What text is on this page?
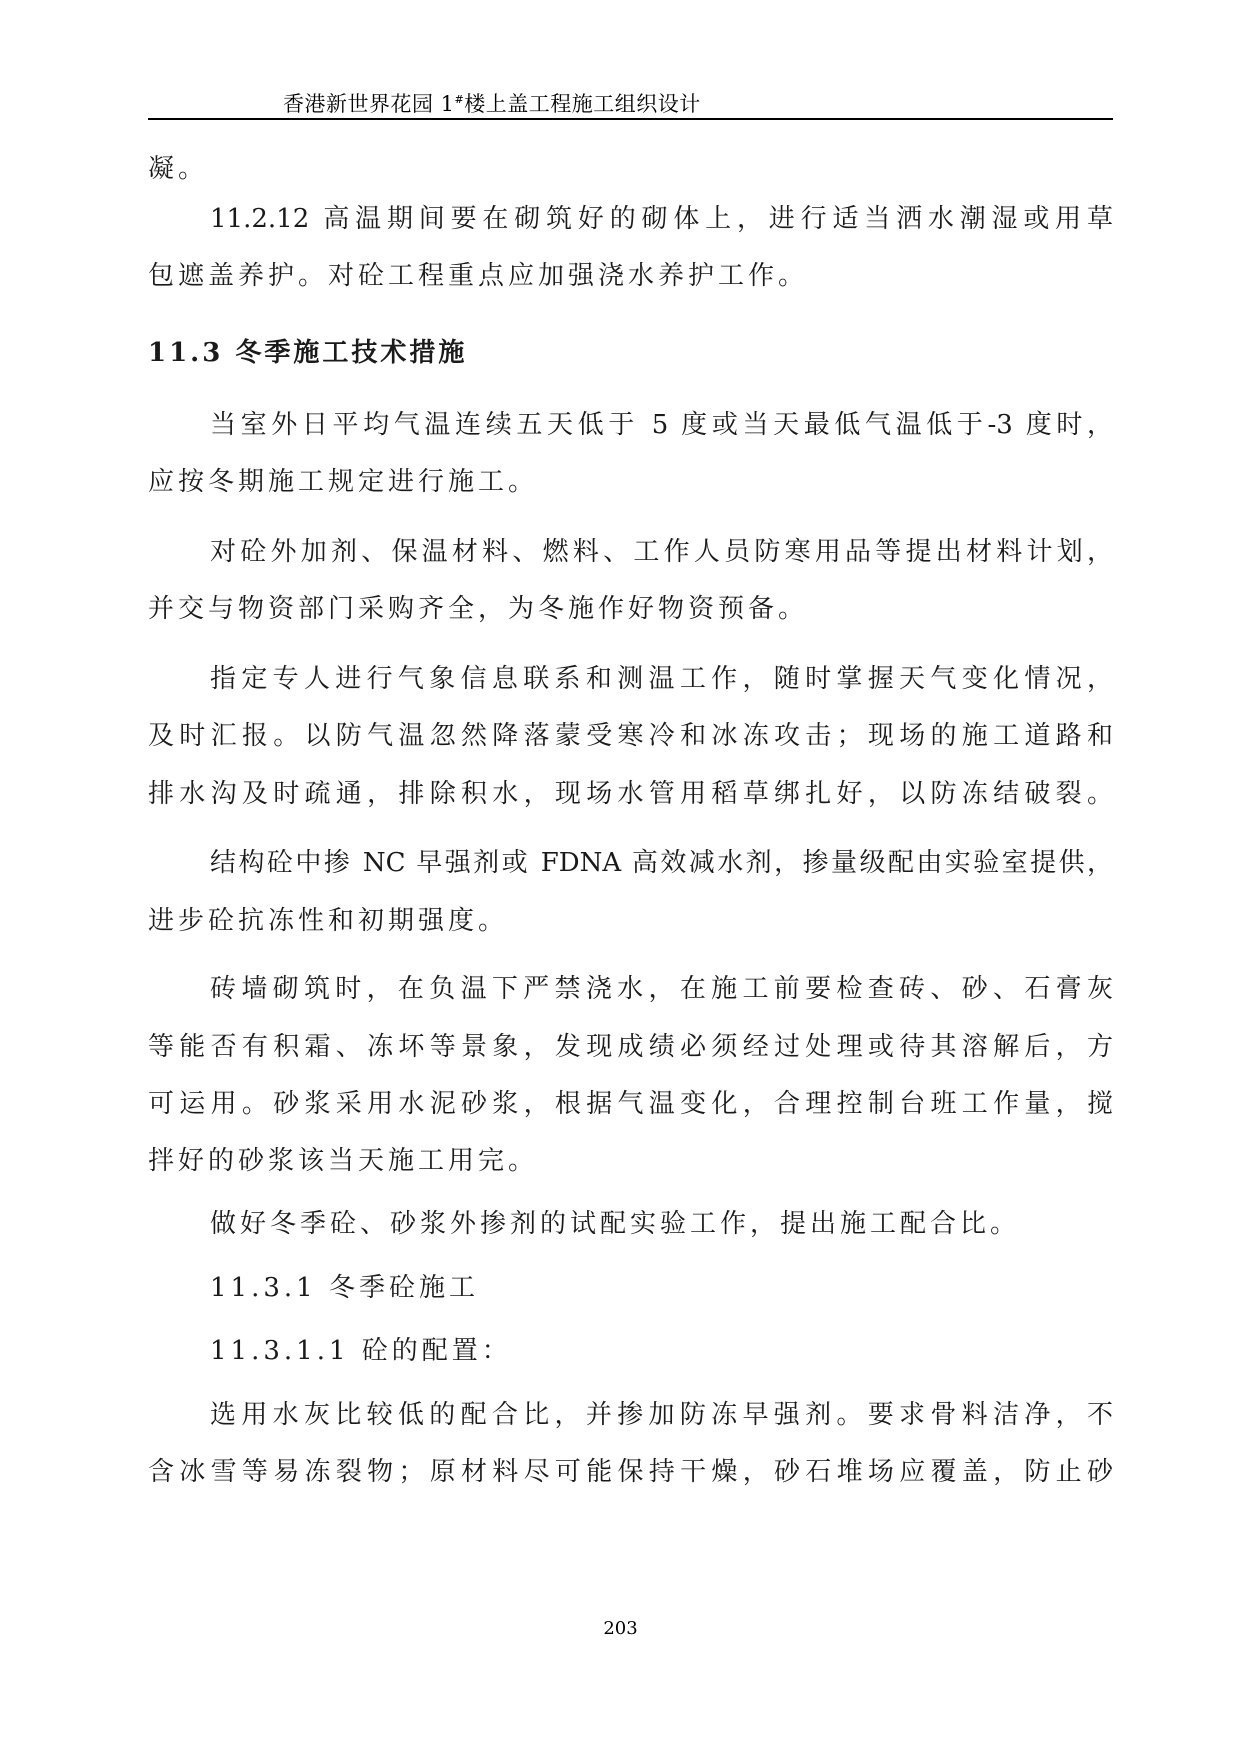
香港新世界花园 1#楼上盖工程施工组织设计
凝。
11.2.12 高温期间要在砌筑好的砌体上，进行适当洒水潮湿或用草
包遮盖养护。对砼工程重点应加强浇水养护工作。
11.3 冬季施工技术措施
当室外日平均气温连续五天低于 5 度或当天最低气温低于-3 度时，
应按冬期施工规定进行施工。
对砼外加剂、保温材料、燃料、工作人员防寒用品等提出材料计划，
并交与物资部门采购齐全，为冬施作好物资预备。
指定专人进行气象信息联系和测温工作，随时掌握天气变化情况，
及时汇报。以防气温忽然降落蒙受寒冷和冰冻攻击；现场的施工道路和
排水沟及时疏通，排除积水，现场水管用稻草绑扎好，以防冻结破裂。
结构砼中掺 NC 早强剂或 FDNA 高效减水剂，掺量级配由实验室提供，
进步砼抗冻性和初期强度。
砖墙砌筑时，在负温下严禁浇水，在施工前要检查砖、砂、石膏灰
等能否有积霜、冻坏等景象，发现成绩必须经过处理或待其溶解后，方
可运用。砂浆采用水泥砂浆，根据气温变化，合理控制台班工作量，搅
拌好的砂浆该当天施工用完。
做好冬季砼、砂浆外掺剂的试配实验工作，提出施工配合比。
11.3.1 冬季砼施工
11.3.1.1 砼的配置：
选用水灰比较低的配合比，并掺加防冻早强剂。要求骨料洁净，不
含冰雪等易冻裂物；原材料尽可能保持干燥，砂石堆场应覆盖，防止砂
203
